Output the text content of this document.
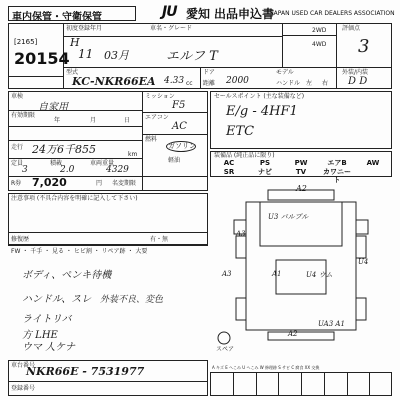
車内保管・守衛保管	JU 愛知 出品申込書
JAPAN USED CAR DEALERS ASSOCIATION
[2165]
20154
初度登録年月	車名・グレード
H
11 03月	エルフ T
2WD
4WD
評価点
3
型式
KC-NKR66EA 4.33 cc
ドア	モデル
距離 2000	ハンドル 左 右
外装/内装
D D
車検
自家用
有効期限
年	月	日
走行 24万6千855	km
定員	積載	車両重量
3	2.0	4329
R券 7,020	円 名変期限
ミッション
F5
エアコン
AC
燃料
ガソリン
軽油
セールスポイント (主な装備など)
E/g - 4HF1
ETC
装備品 (純正品に限り)
注意事項 (不具合内容を明確に記入して下さい)
修復歴	有・無
FW ・ 千手 ・ 見る ・ ヒビ割 ・ リペア跡 ・ 大要
ボディ、ペンキ待機
ハンドル、スレ
ライトリバ
方 LHE
ウマ 人ケナ
外装不良、変色
A2
U3 パルプル
U4 ウム
A1
U4
A3
A3
A2
UA3 A1
スペア
車台番号
NKR66E - 7531977
登録番号
A キズ E へこみ U へこみ W 修理跡 S サビ C 腐食 XX 交換
AC	PS	PW	エアB	AW
SR	ナビ	TV	カワニート
